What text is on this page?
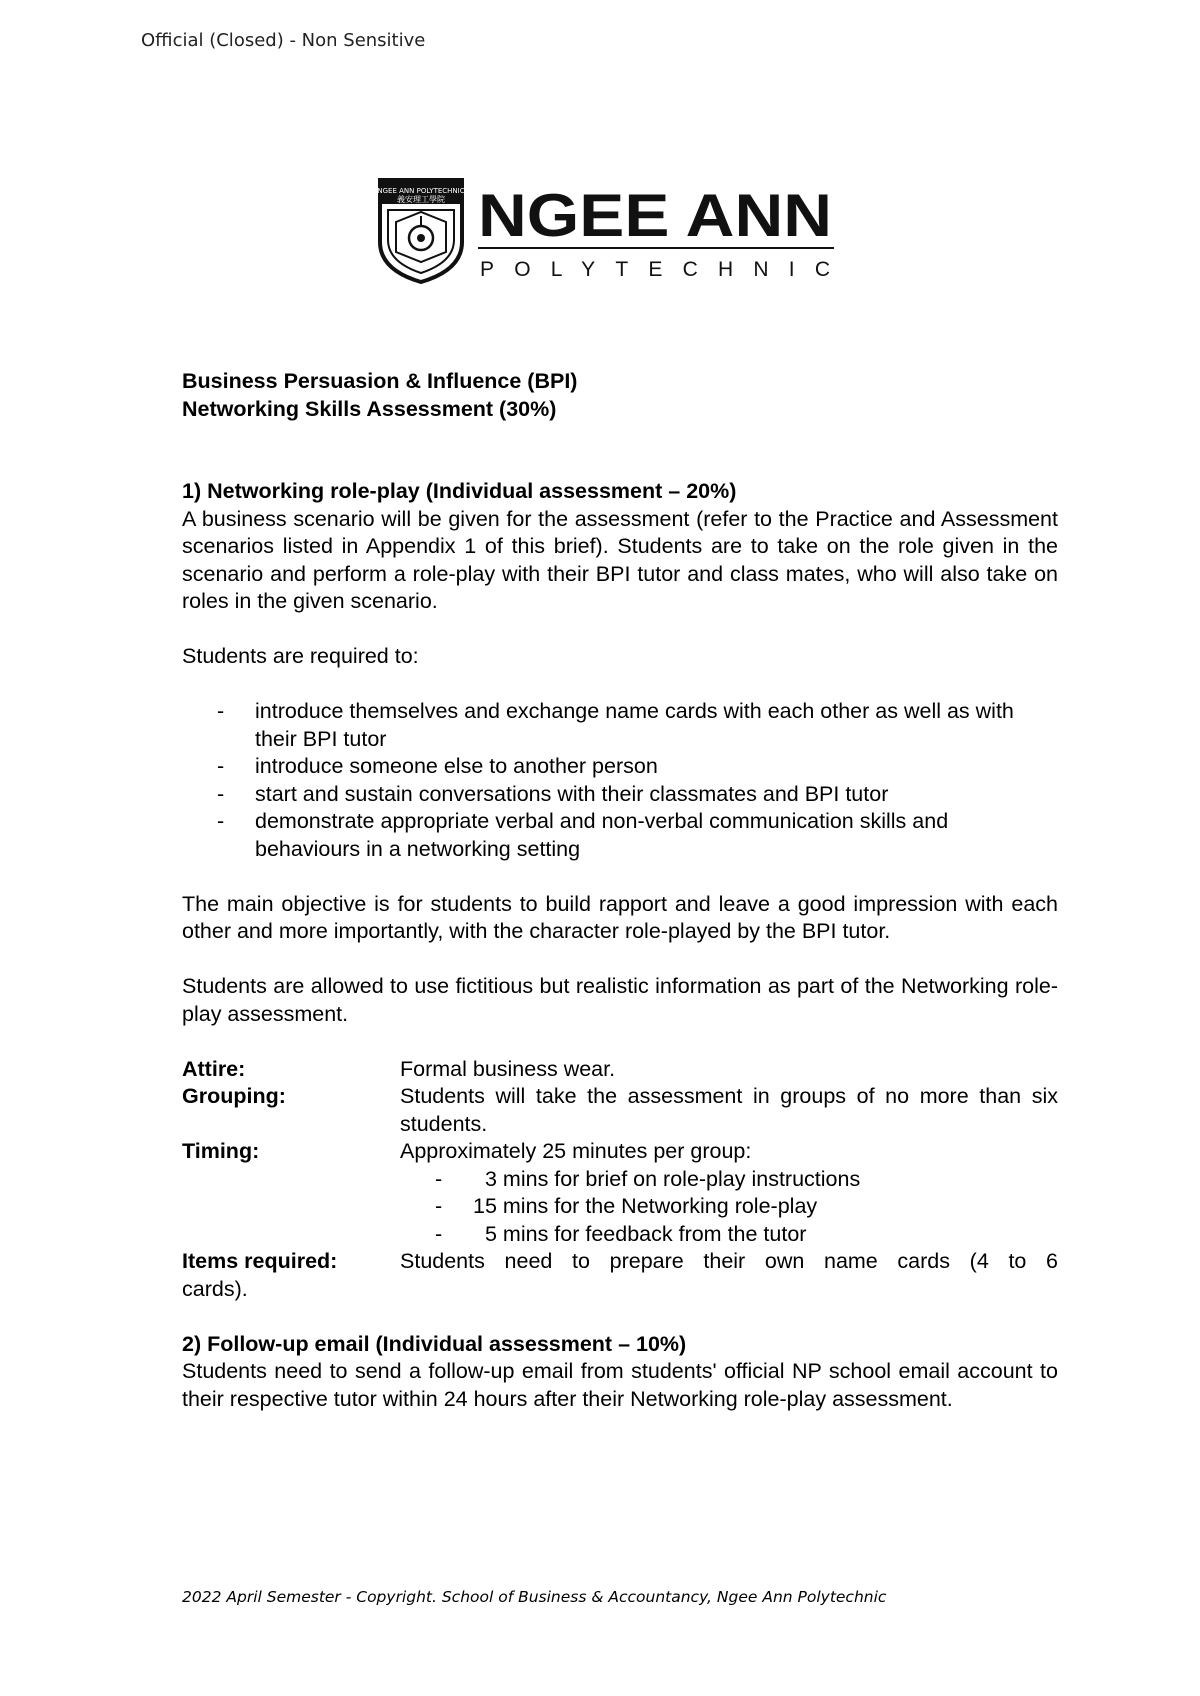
Official (Closed) - Non Sensitive
NGEE ANN POLYTECHNIC
義安理工學院 NGEE ANN
POLYTECHNIC

Business Persuasion & Influence (BPI)

Networking Skills Assessment (30%)

1) Networking role-play (Individual assessment – 20%)

A business scenario will be given for the assessment (refer to the Practice and Assessment scenarios listed in Appendix 1 of this brief). Students are to take on the role given in the scenario and perform a role-play with their BPI tutor and class mates, who will also take on roles in the given scenario.

Students are required to:

- introduce themselves and exchange name cards with each other as well as with their BPI tutor
- introduce someone else to another person
- start and sustain conversations with their classmates and BPI tutor
- demonstrate appropriate verbal and non-verbal communication skills and behaviours in a networking setting

The main objective is for students to build rapport and leave a good impression with each other and more importantly, with the character role-played by the BPI tutor.

Students are allowed to use fictitious but realistic information as part of the Networking role-play assessment.

Attire:	Formal business wear.
Grouping:	Students will take the assessment in groups of no more than six students.
Timing:	Approximately 25 minutes per group:
- 3 mins for brief on role-play instructions
- 15 mins for the Networking role-play
- 5 mins for feedback from the tutor
Items required:	Students need to prepare their own name cards (4 to 6
cards).

2) Follow-up email (Individual assessment – 10%)

Students need to send a follow-up email from students' official NP school email account to their respective tutor within 24 hours after their Networking role-play assessment.

2022 April Semester - Copyright. School of Business & Accountancy, Ngee Ann Polytechnic
